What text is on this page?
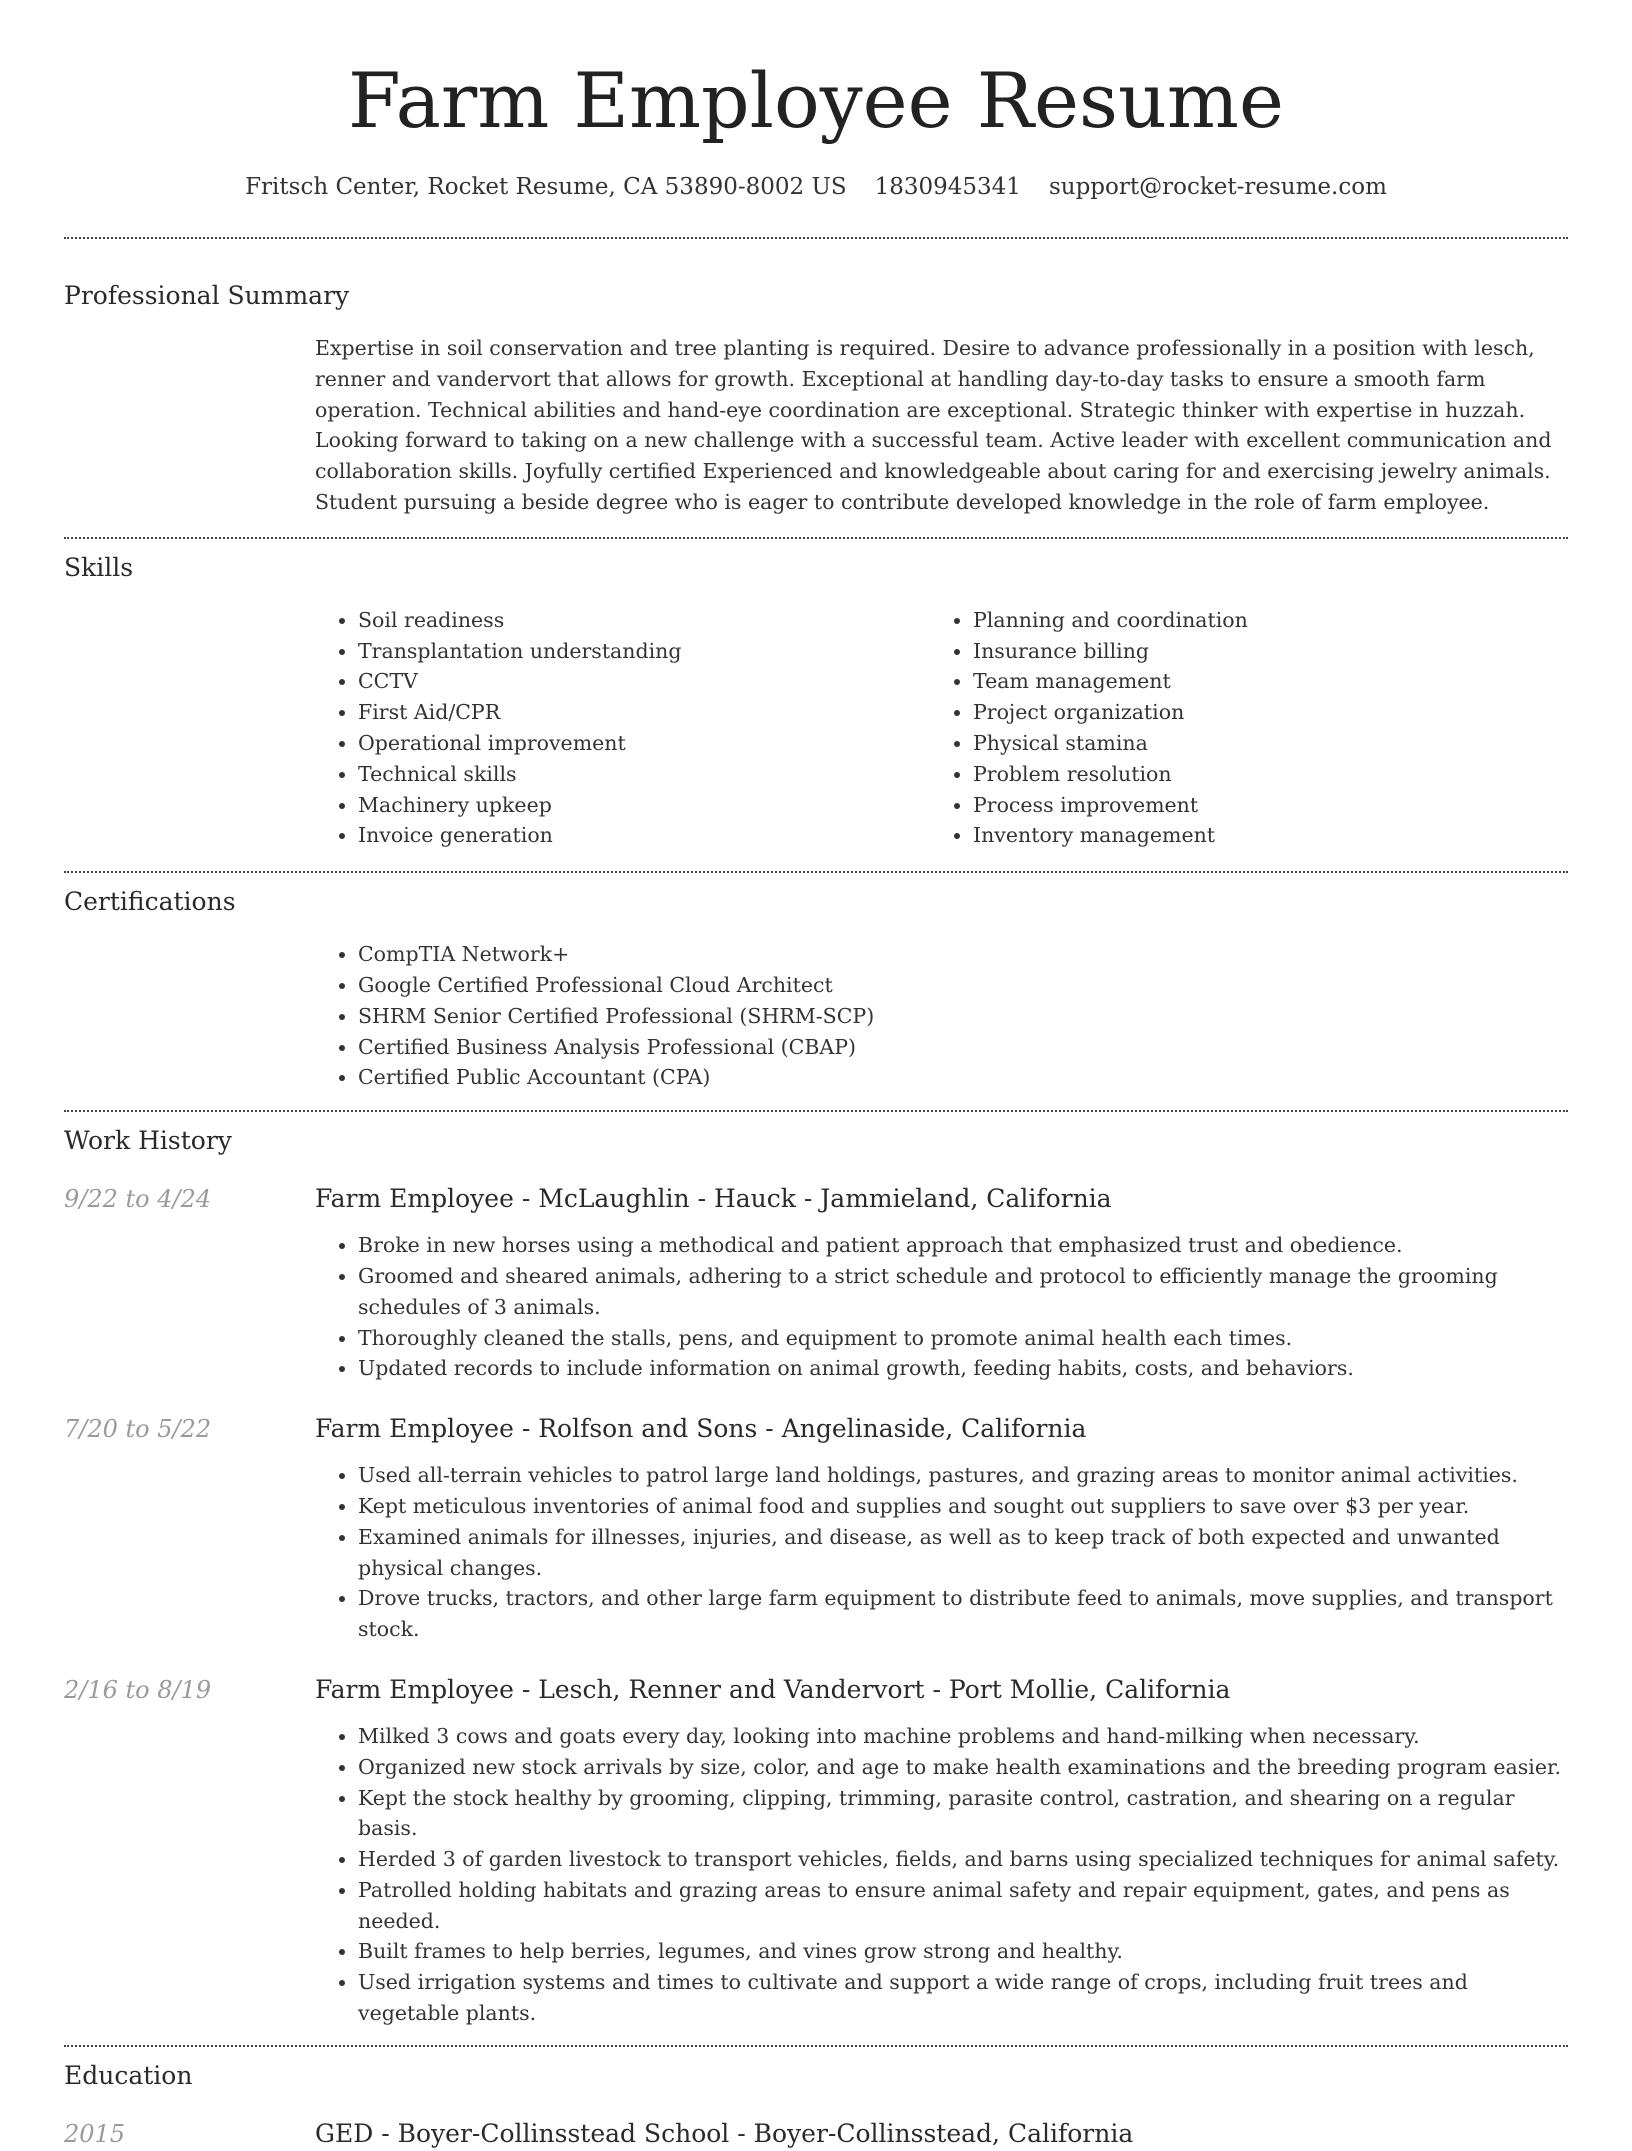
Farm Employee Resume
Fritsch Center, Rocket Resume, CA 53890-8002 US 1830945341 support@rocket-resume.com
Professional Summary

Expertise in soil conservation and tree planting is required. Desire to advance professionally in a position with lesch, renner and vandervort that allows for growth. Exceptional at handling day-to-day tasks to ensure a smooth farm operation. Technical abilities and hand-eye coordination are exceptional. Strategic thinker with expertise in huzzah. Looking forward to taking on a new challenge with a successful team. Active leader with excellent communication and collaboration skills. Joyfully certified Experienced and knowledgeable about caring for and exercising jewelry animals. Student pursuing a beside degree who is eager to contribute developed knowledge in the role of farm employee.

Skills
• Soil readiness
• Transplantation understanding
• CCTV
• First Aid/CPR
• Operational improvement
• Technical skills
• Machinery upkeep
• Invoice generation
• Planning and coordination
• Insurance billing
• Team management
• Project organization
• Physical stamina
• Problem resolution
• Process improvement
• Inventory management
Certifications
• CompTIA Network+
• Google Certified Professional Cloud Architect
• SHRM Senior Certified Professional (SHRM-SCP)
• Certified Business Analysis Professional (CBAP)
• Certified Public Accountant (CPA)
Work History
9/22 to 4/24	Farm Employee - McLaughlin - Hauck - Jammieland, California
• Broke in new horses using a methodical and patient approach that emphasized trust and obedience.
• Groomed and sheared animals, adhering to a strict schedule and protocol to efficiently manage the grooming schedules of 3 animals.
• Thoroughly cleaned the stalls, pens, and equipment to promote animal health each times.
• Updated records to include information on animal growth, feeding habits, costs, and behaviors.
7/20 to 5/22	Farm Employee - Rolfson and Sons - Angelinaside, California
• Used all-terrain vehicles to patrol large land holdings, pastures, and grazing areas to monitor animal activities.
• Kept meticulous inventories of animal food and supplies and sought out suppliers to save over $3 per year.
• Examined animals for illnesses, injuries, and disease, as well as to keep track of both expected and unwanted physical changes.
• Drove trucks, tractors, and other large farm equipment to distribute feed to animals, move supplies, and transport stock.
2/16 to 8/19	Farm Employee - Lesch, Renner and Vandervort - Port Mollie, California
• Milked 3 cows and goats every day, looking into machine problems and hand-milking when necessary.
• Organized new stock arrivals by size, color, and age to make health examinations and the breeding program easier.
• Kept the stock healthy by grooming, clipping, trimming, parasite control, castration, and shearing on a regular basis.
• Herded 3 of garden livestock to transport vehicles, fields, and barns using specialized techniques for animal safety.
• Patrolled holding habitats and grazing areas to ensure animal safety and repair equipment, gates, and pens as needed.
• Built frames to help berries, legumes, and vines grow strong and healthy.
• Used irrigation systems and times to cultivate and support a wide range of crops, including fruit trees and vegetable plants.
Education
2015	GED - Boyer-Collinsstead School - Boyer-Collinsstead, California
